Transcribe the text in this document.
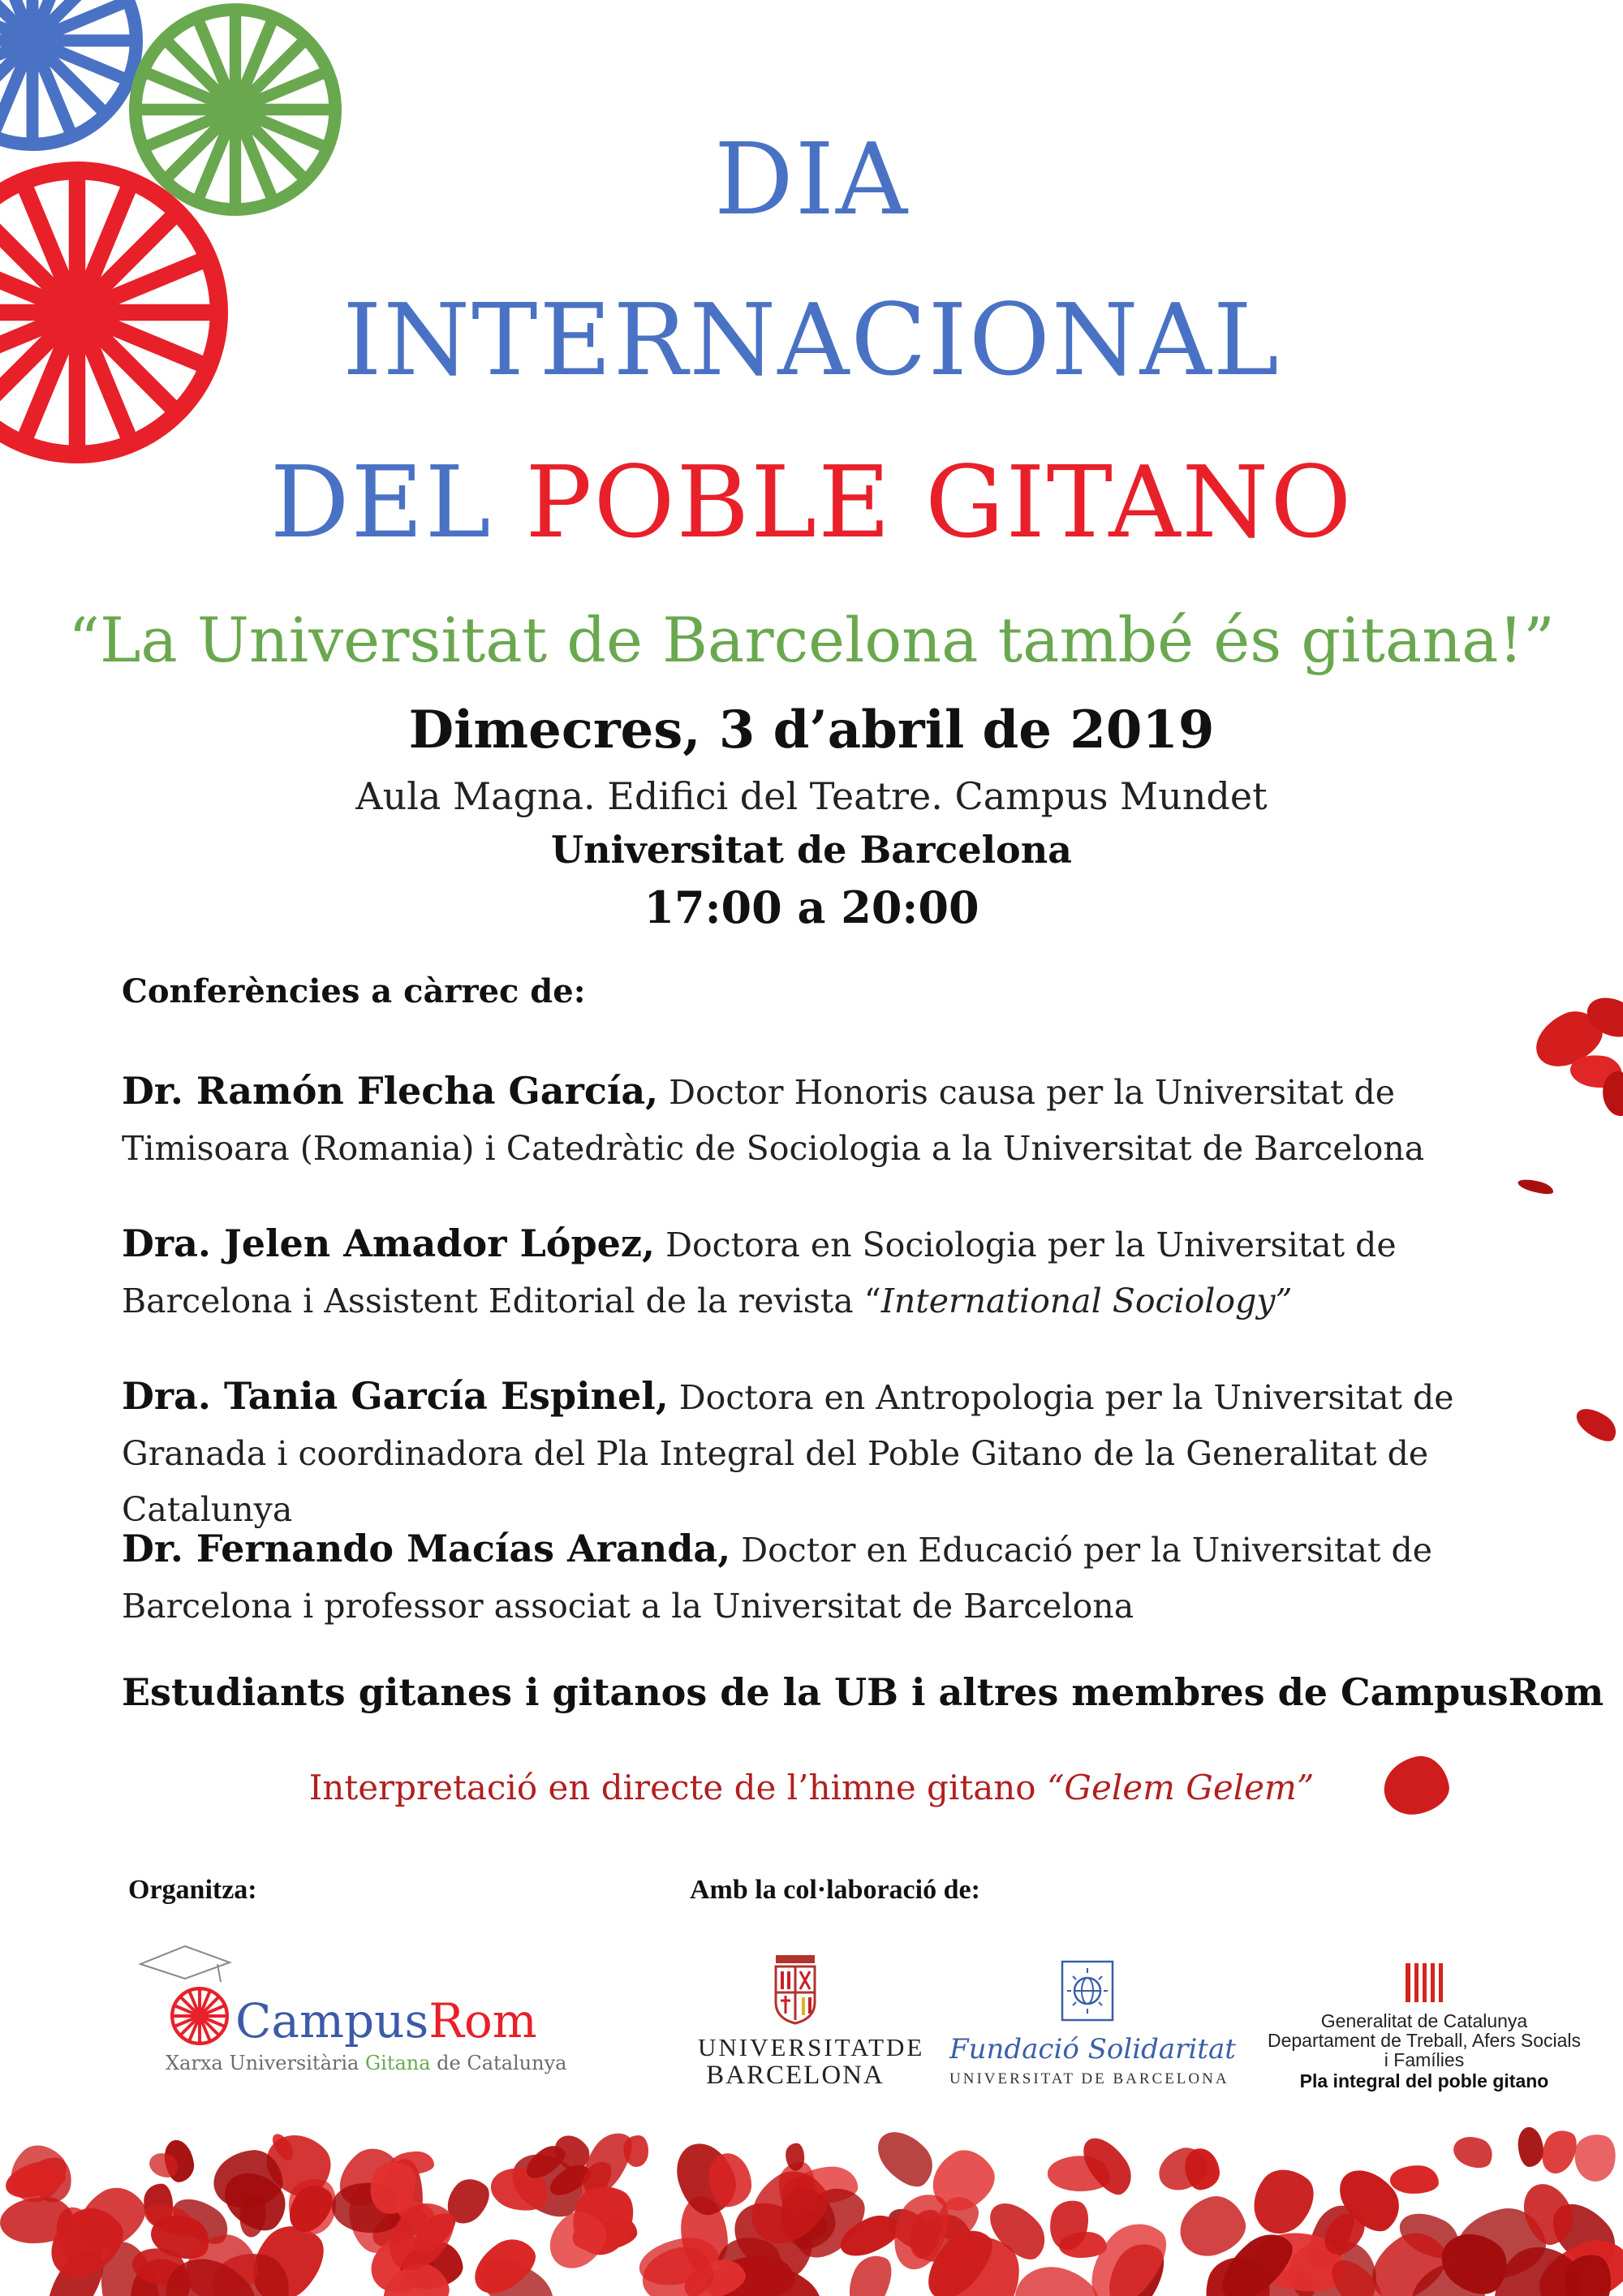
DIA
INTERNACIONAL
DEL POBLE GITANO
“La Universitat de Barcelona també és gitana!”
Dimecres, 3 d’abril de 2019
Aula Magna. Edifici del Teatre. Campus Mundet
Universitat de Barcelona
17:00 a 20:00
Conferències a càrrec de:
Dr. Ramón Flecha García, Doctor Honoris causa per la Universitat de Timisoara (Romania) i Catedràtic de Sociologia a la Universitat de Barcelona
Dra. Jelen Amador López, Doctora en Sociologia per la Universitat de Barcelona i Assistent Editorial de la revista “International Sociology”
Dra. Tania García Espinel, Doctora en Antropologia per la Universitat de Granada i coordinadora del Pla Integral del Poble Gitano de la Generalitat de Catalunya
Dr. Fernando Macías Aranda, Doctor en Educació per la Universitat de Barcelona i professor associat a la Universitat de Barcelona
Estudiants gitanes i gitanos de la UB i altres membres de CampusRom
Interpretació en directe de l’himne gitano “Gelem Gelem”
Organitza:	Amb la col·laboració de:
CampusRom
Xarxa Universitària Gitana de Catalunya
UNIVERSITATDE
BARCELONA
Fundació Solidaritat
UNIVERSITAT DE BARCELONA
Generalitat de Catalunya
Departament de Treball, Afers Socials
i Famílies
Pla integral del poble gitano
